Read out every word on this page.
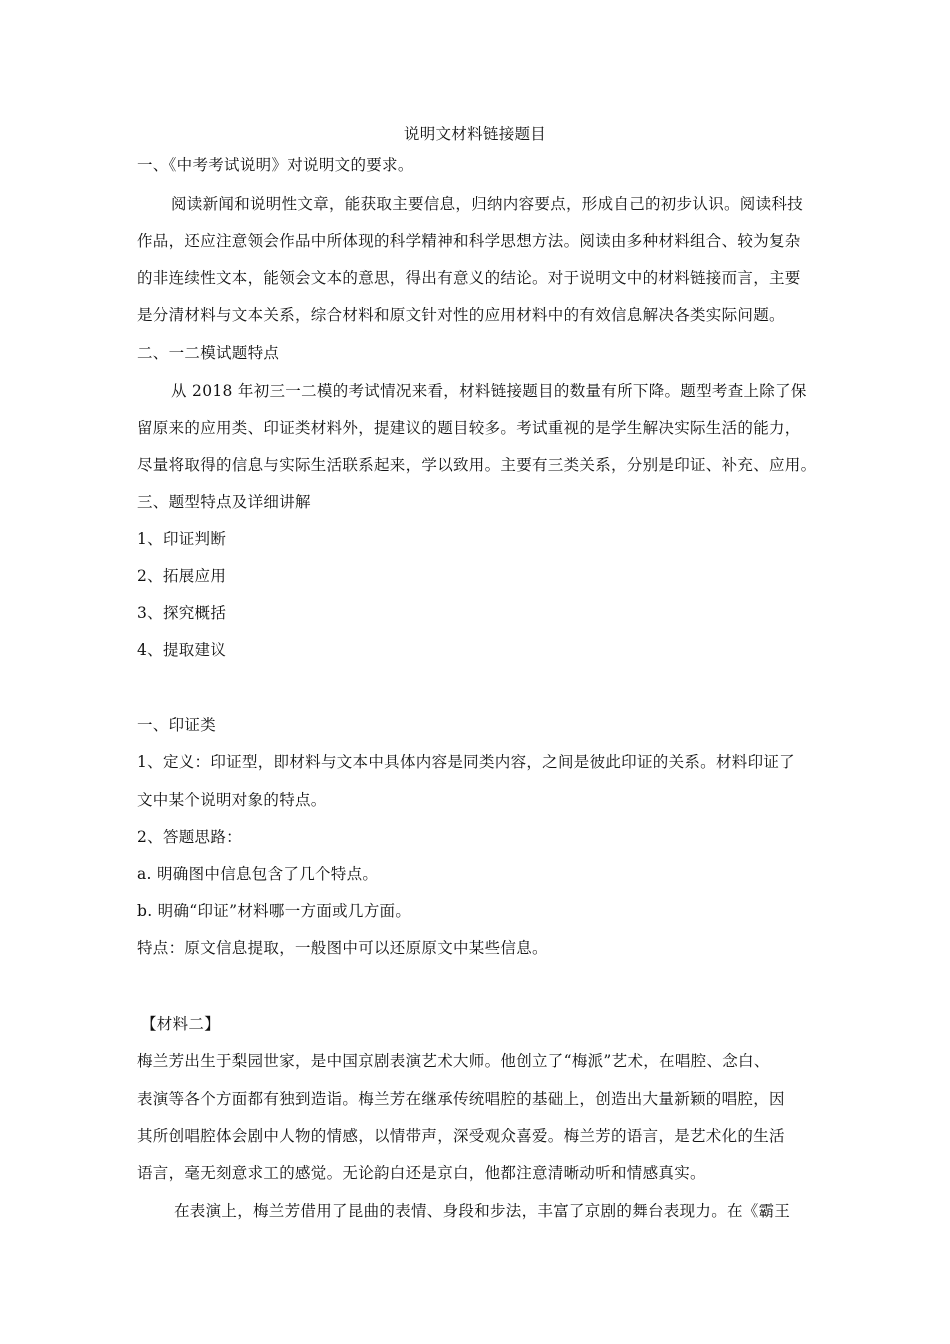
说明文材料链接题目
一、《中考考试说明》对说明文的要求。
阅读新闻和说明性文章，能获取主要信息，归纳内容要点，形成自己的初步认识。阅读科技
作品，还应注意领会作品中所体现的科学精神和科学思想方法。阅读由多种材料组合、较为复杂
的非连续性文本，能领会文本的意思，得出有意义的结论。对于说明文中的材料链接而言，主要
是分清材料与文本关系，综合材料和原文针对性的应用材料中的有效信息解决各类实际问题。
二、一二模试题特点
从 2018 年初三一二模的考试情况来看，材料链接题目的数量有所下降。题型考查上除了保
留原来的应用类、印证类材料外，提建议的题目较多。考试重视的是学生解决实际生活的能力，
尽量将取得的信息与实际生活联系起来，学以致用。主要有三类关系，分别是印证、补充、应用。
三、题型特点及详细讲解
1、印证判断
2、拓展应用
3、探究概括
4、提取建议
一、印证类
1、定义：印证型，即材料与文本中具体内容是同类内容，之间是彼此印证的关系。材料印证了
文中某个说明对象的特点。
2、答题思路：
a. 明确图中信息包含了几个特点。
b. 明确“印证”材料哪一方面或几方面。
特点：原文信息提取，一般图中可以还原原文中某些信息。
【材料二】
梅兰芳出生于梨园世家，是中国京剧表演艺术大师。他创立了“梅派”艺术，在唱腔、念白、
表演等各个方面都有独到造诣。梅兰芳在继承传统唱腔的基础上，创造出大量新颖的唱腔，因
其所创唱腔体会剧中人物的情感，以情带声，深受观众喜爱。梅兰芳的语言，是艺术化的生活
语言，毫无刻意求工的感觉。无论韵白还是京白，他都注意清晰动听和情感真实。
在表演上，梅兰芳借用了昆曲的表情、身段和步法，丰富了京剧的舞台表现力。在《霸王
